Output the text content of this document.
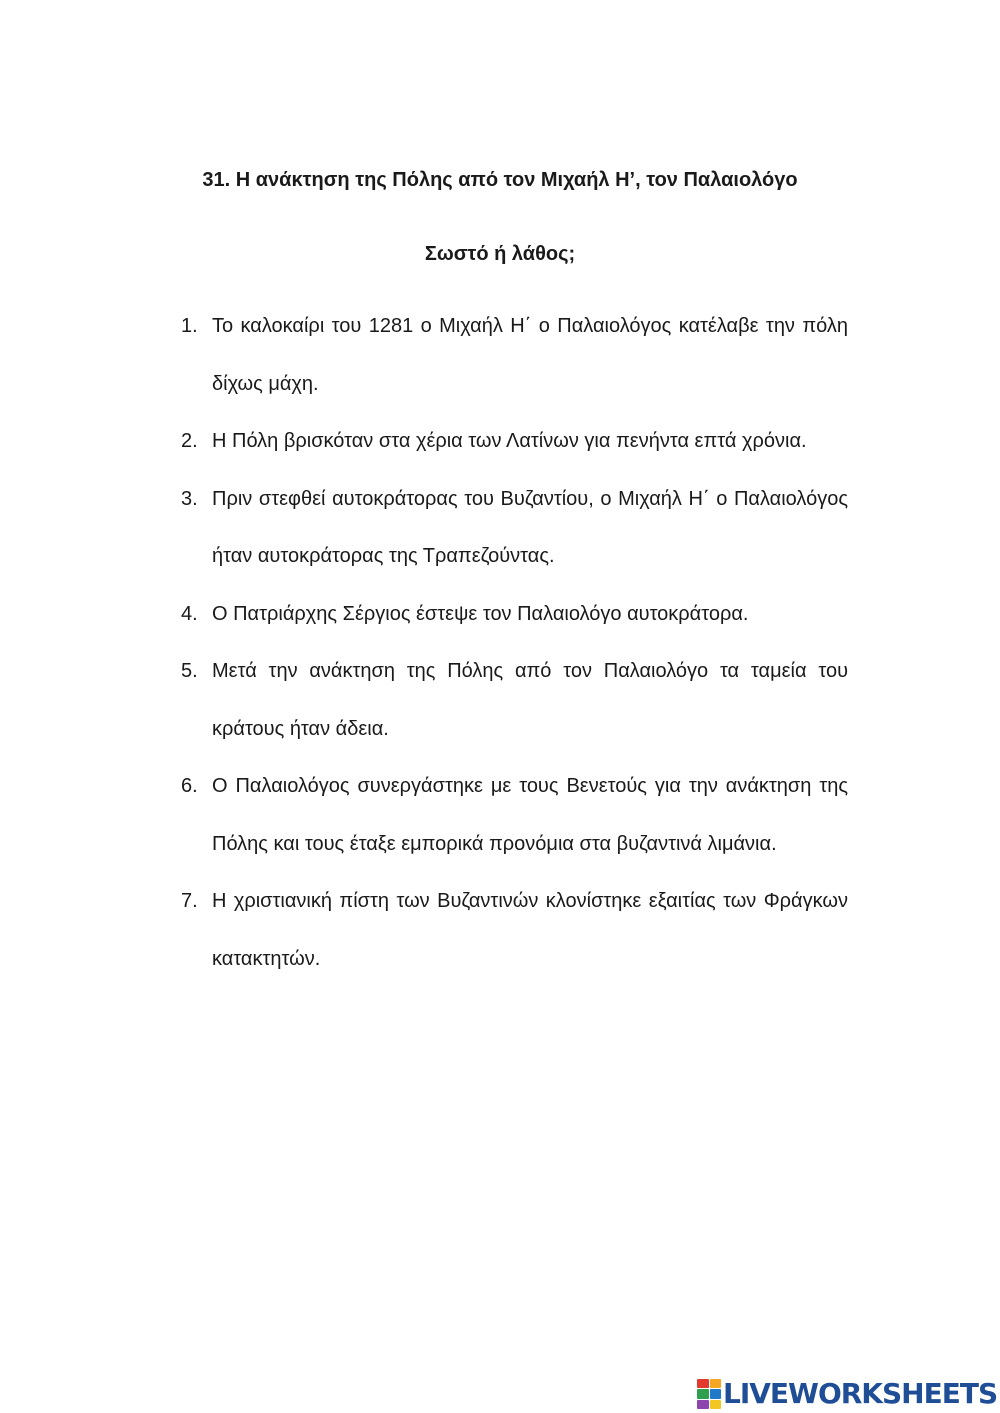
31. Η ανάκτηση της Πόλης από τον Μιχαήλ Η’, τον Παλαιολόγο
Σωστό ή λάθος;
1. Το καλοκαίρι του 1281 ο Μιχαήλ Η΄ ο Παλαιολόγος κατέλαβε την πόλη δίχως μάχη.
2. Η Πόλη βρισκόταν στα χέρια των Λατίνων για πενήντα επτά χρόνια.
3. Πριν στεφθεί αυτοκράτορας του Βυζαντίου, ο Μιχαήλ Η΄ ο Παλαιολόγος ήταν αυτοκράτορας της Τραπεζούντας.
4. Ο Πατριάρχης Σέργιος έστεψε τον Παλαιολόγο αυτοκράτορα.
5. Μετά την ανάκτηση της Πόλης από τον Παλαιολόγο τα ταμεία του κράτους ήταν άδεια.
6. Ο Παλαιολόγος συνεργάστηκε με τους Βενετούς για την ανάκτηση της Πόλης και τους έταξε εμπορικά προνόμια στα βυζαντινά λιμάνια.
7. Η χριστιανική πίστη των Βυζαντινών κλονίστηκε εξαιτίας των Φράγκων κατακτητών.
LIVEWORKSHEETS
